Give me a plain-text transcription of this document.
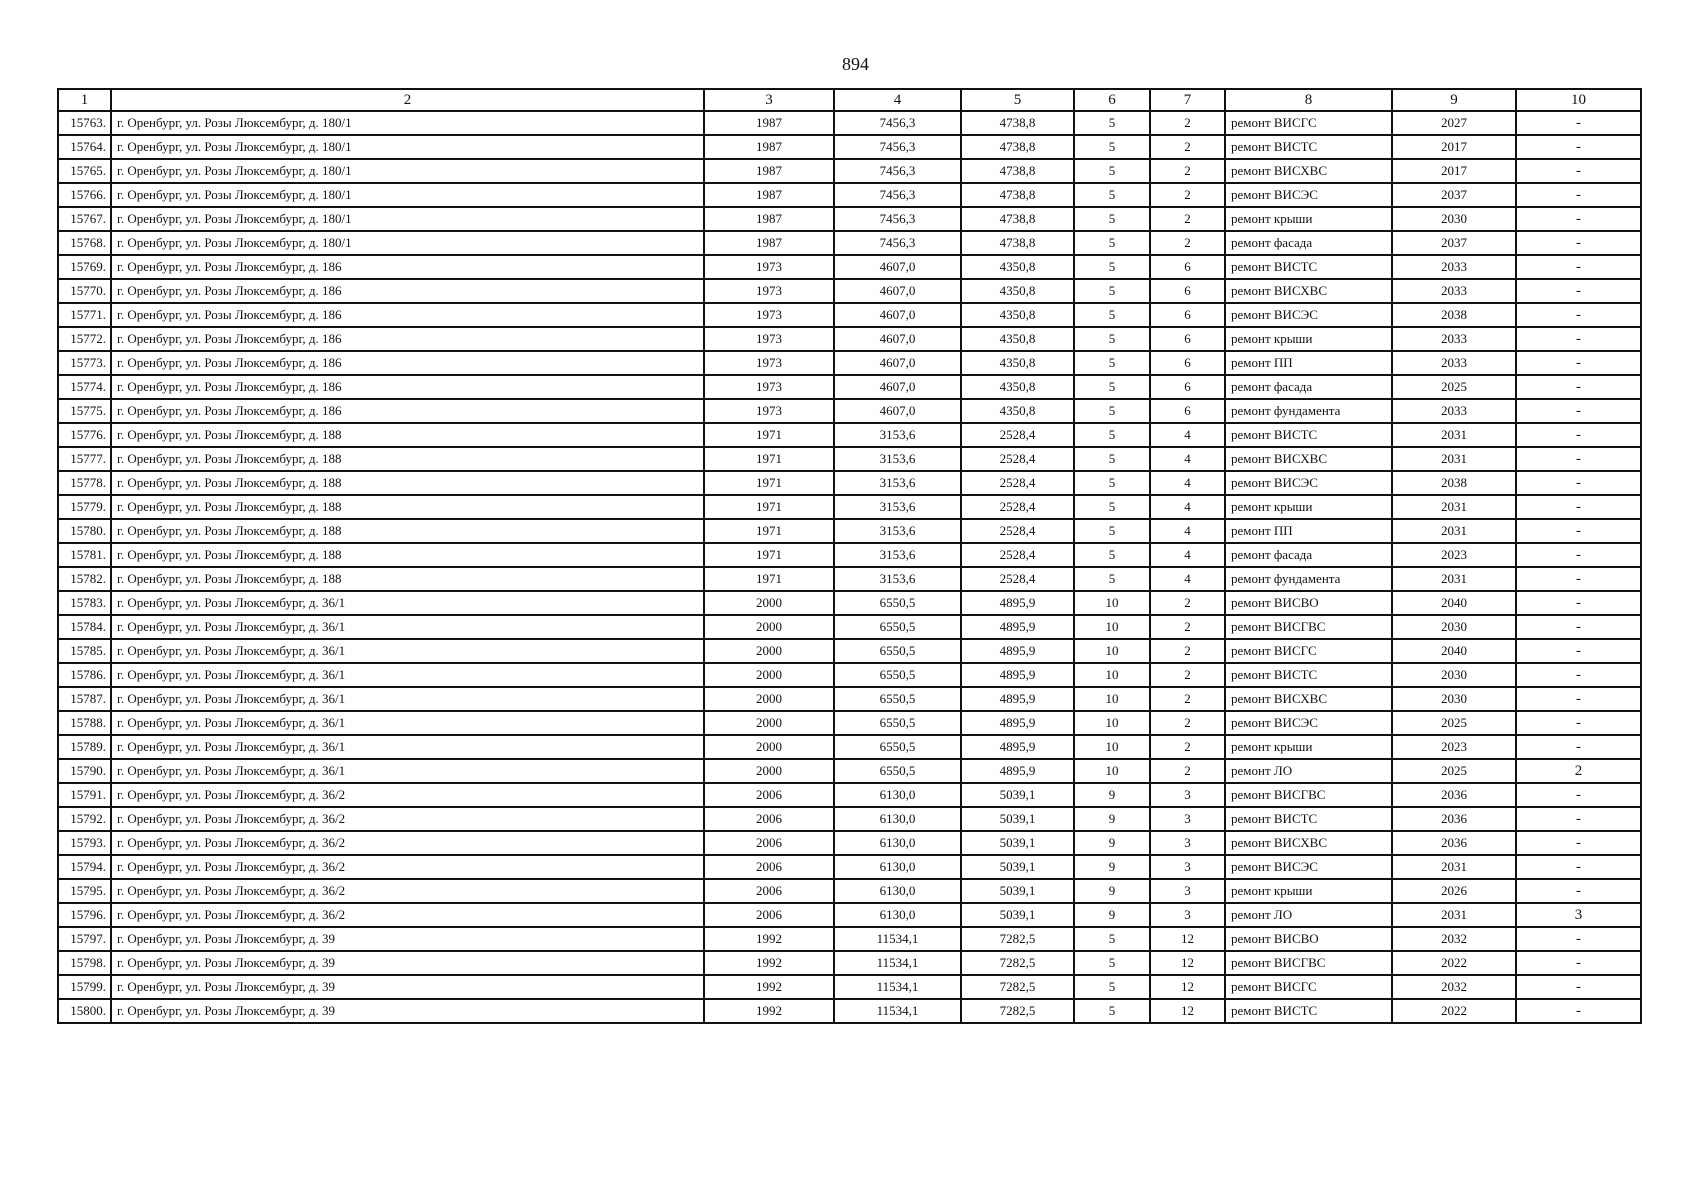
894
1	2	3	4	5	6	7	8	9	10
15763.	г. Оренбург, ул. Розы Люксембург, д. 180/1	1987	7456,3	4738,8	5	2	ремонт ВИСГС	2027	-
15764.	г. Оренбург, ул. Розы Люксембург, д. 180/1	1987	7456,3	4738,8	5	2	ремонт ВИСТС	2017	-
15765.	г. Оренбург, ул. Розы Люксембург, д. 180/1	1987	7456,3	4738,8	5	2	ремонт ВИСХВС	2017	-
15766.	г. Оренбург, ул. Розы Люксембург, д. 180/1	1987	7456,3	4738,8	5	2	ремонт ВИСЭС	2037	-
15767.	г. Оренбург, ул. Розы Люксембург, д. 180/1	1987	7456,3	4738,8	5	2	ремонт крыши	2030	-
15768.	г. Оренбург, ул. Розы Люксембург, д. 180/1	1987	7456,3	4738,8	5	2	ремонт фасада	2037	-
15769.	г. Оренбург, ул. Розы Люксембург, д. 186	1973	4607,0	4350,8	5	6	ремонт ВИСТС	2033	-
15770.	г. Оренбург, ул. Розы Люксембург, д. 186	1973	4607,0	4350,8	5	6	ремонт ВИСХВС	2033	-
15771.	г. Оренбург, ул. Розы Люксембург, д. 186	1973	4607,0	4350,8	5	6	ремонт ВИСЭС	2038	-
15772.	г. Оренбург, ул. Розы Люксембург, д. 186	1973	4607,0	4350,8	5	6	ремонт крыши	2033	-
15773.	г. Оренбург, ул. Розы Люксембург, д. 186	1973	4607,0	4350,8	5	6	ремонт ПП	2033	-
15774.	г. Оренбург, ул. Розы Люксембург, д. 186	1973	4607,0	4350,8	5	6	ремонт фасада	2025	-
15775.	г. Оренбург, ул. Розы Люксембург, д. 186	1973	4607,0	4350,8	5	6	ремонт фундамента	2033	-
15776.	г. Оренбург, ул. Розы Люксембург, д. 188	1971	3153,6	2528,4	5	4	ремонт ВИСТС	2031	-
15777.	г. Оренбург, ул. Розы Люксембург, д. 188	1971	3153,6	2528,4	5	4	ремонт ВИСХВС	2031	-
15778.	г. Оренбург, ул. Розы Люксембург, д. 188	1971	3153,6	2528,4	5	4	ремонт ВИСЭС	2038	-
15779.	г. Оренбург, ул. Розы Люксембург, д. 188	1971	3153,6	2528,4	5	4	ремонт крыши	2031	-
15780.	г. Оренбург, ул. Розы Люксембург, д. 188	1971	3153,6	2528,4	5	4	ремонт ПП	2031	-
15781.	г. Оренбург, ул. Розы Люксембург, д. 188	1971	3153,6	2528,4	5	4	ремонт фасада	2023	-
15782.	г. Оренбург, ул. Розы Люксембург, д. 188	1971	3153,6	2528,4	5	4	ремонт фундамента	2031	-
15783.	г. Оренбург, ул. Розы Люксембург, д. 36/1	2000	6550,5	4895,9	10	2	ремонт ВИСВО	2040	-
15784.	г. Оренбург, ул. Розы Люксембург, д. 36/1	2000	6550,5	4895,9	10	2	ремонт ВИСГВС	2030	-
15785.	г. Оренбург, ул. Розы Люксембург, д. 36/1	2000	6550,5	4895,9	10	2	ремонт ВИСГС	2040	-
15786.	г. Оренбург, ул. Розы Люксембург, д. 36/1	2000	6550,5	4895,9	10	2	ремонт ВИСТС	2030	-
15787.	г. Оренбург, ул. Розы Люксембург, д. 36/1	2000	6550,5	4895,9	10	2	ремонт ВИСХВС	2030	-
15788.	г. Оренбург, ул. Розы Люксембург, д. 36/1	2000	6550,5	4895,9	10	2	ремонт ВИСЭС	2025	-
15789.	г. Оренбург, ул. Розы Люксембург, д. 36/1	2000	6550,5	4895,9	10	2	ремонт крыши	2023	-
15790.	г. Оренбург, ул. Розы Люксембург, д. 36/1	2000	6550,5	4895,9	10	2	ремонт ЛО	2025	2
15791.	г. Оренбург, ул. Розы Люксембург, д. 36/2	2006	6130,0	5039,1	9	3	ремонт ВИСГВС	2036	-
15792.	г. Оренбург, ул. Розы Люксембург, д. 36/2	2006	6130,0	5039,1	9	3	ремонт ВИСТС	2036	-
15793.	г. Оренбург, ул. Розы Люксембург, д. 36/2	2006	6130,0	5039,1	9	3	ремонт ВИСХВС	2036	-
15794.	г. Оренбург, ул. Розы Люксембург, д. 36/2	2006	6130,0	5039,1	9	3	ремонт ВИСЭС	2031	-
15795.	г. Оренбург, ул. Розы Люксембург, д. 36/2	2006	6130,0	5039,1	9	3	ремонт крыши	2026	-
15796.	г. Оренбург, ул. Розы Люксембург, д. 36/2	2006	6130,0	5039,1	9	3	ремонт ЛО	2031	3
15797.	г. Оренбург, ул. Розы Люксембург, д. 39	1992	11534,1	7282,5	5	12	ремонт ВИСВО	2032	-
15798.	г. Оренбург, ул. Розы Люксембург, д. 39	1992	11534,1	7282,5	5	12	ремонт ВИСГВС	2022	-
15799.	г. Оренбург, ул. Розы Люксембург, д. 39	1992	11534,1	7282,5	5	12	ремонт ВИСГС	2032	-
15800.	г. Оренбург, ул. Розы Люксембург, д. 39	1992	11534,1	7282,5	5	12	ремонт ВИСТС	2022	-
